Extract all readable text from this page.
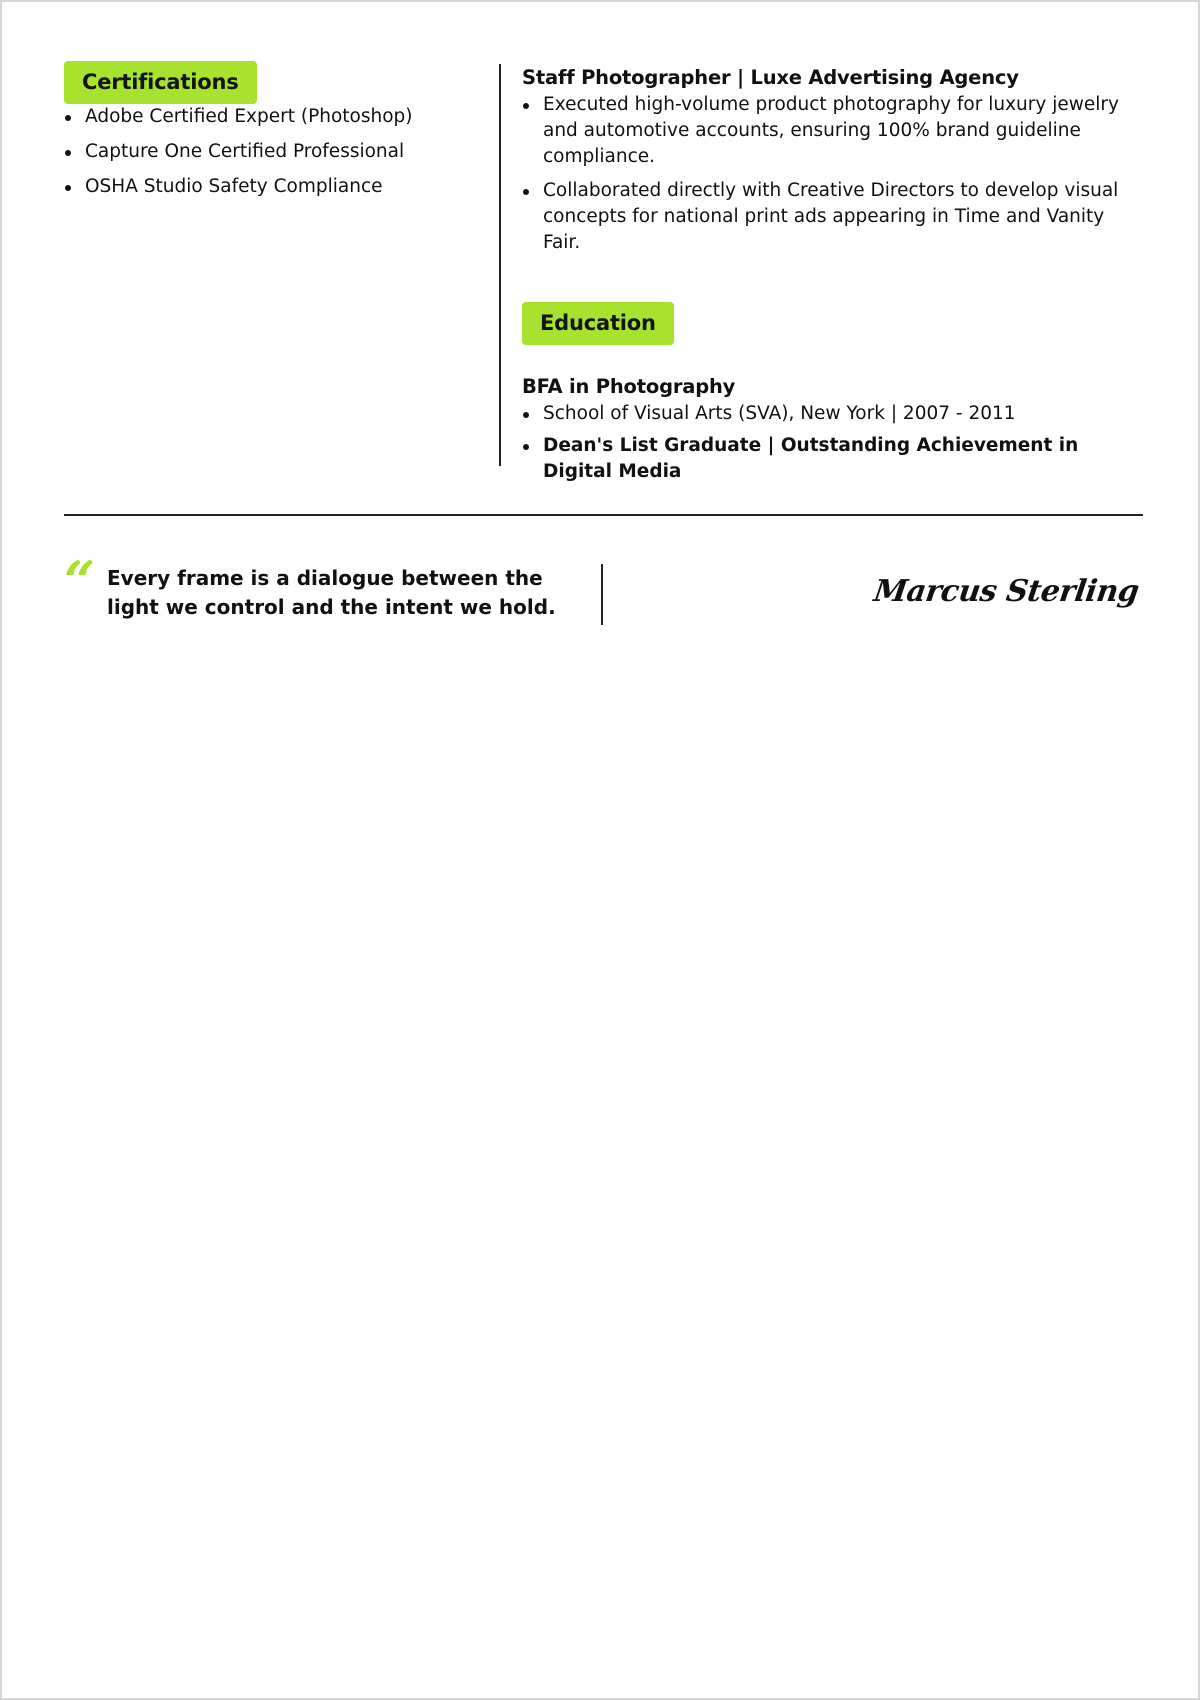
Certifications
Adobe Certified Expert (Photoshop)
Capture One Certified Professional
OSHA Studio Safety Compliance
Staff Photographer | Luxe Advertising Agency
Executed high-volume product photography for luxury jewelry and automotive accounts, ensuring 100% brand guideline compliance.
Collaborated directly with Creative Directors to develop visual concepts for national print ads appearing in Time and Vanity Fair.
Education
BFA in Photography
School of Visual Arts (SVA), New York | 2007 - 2011
Dean's List Graduate | Outstanding Achievement in Digital Media
“ Every frame is a dialogue between the light we control and the intent we hold.	Marcus Sterling
